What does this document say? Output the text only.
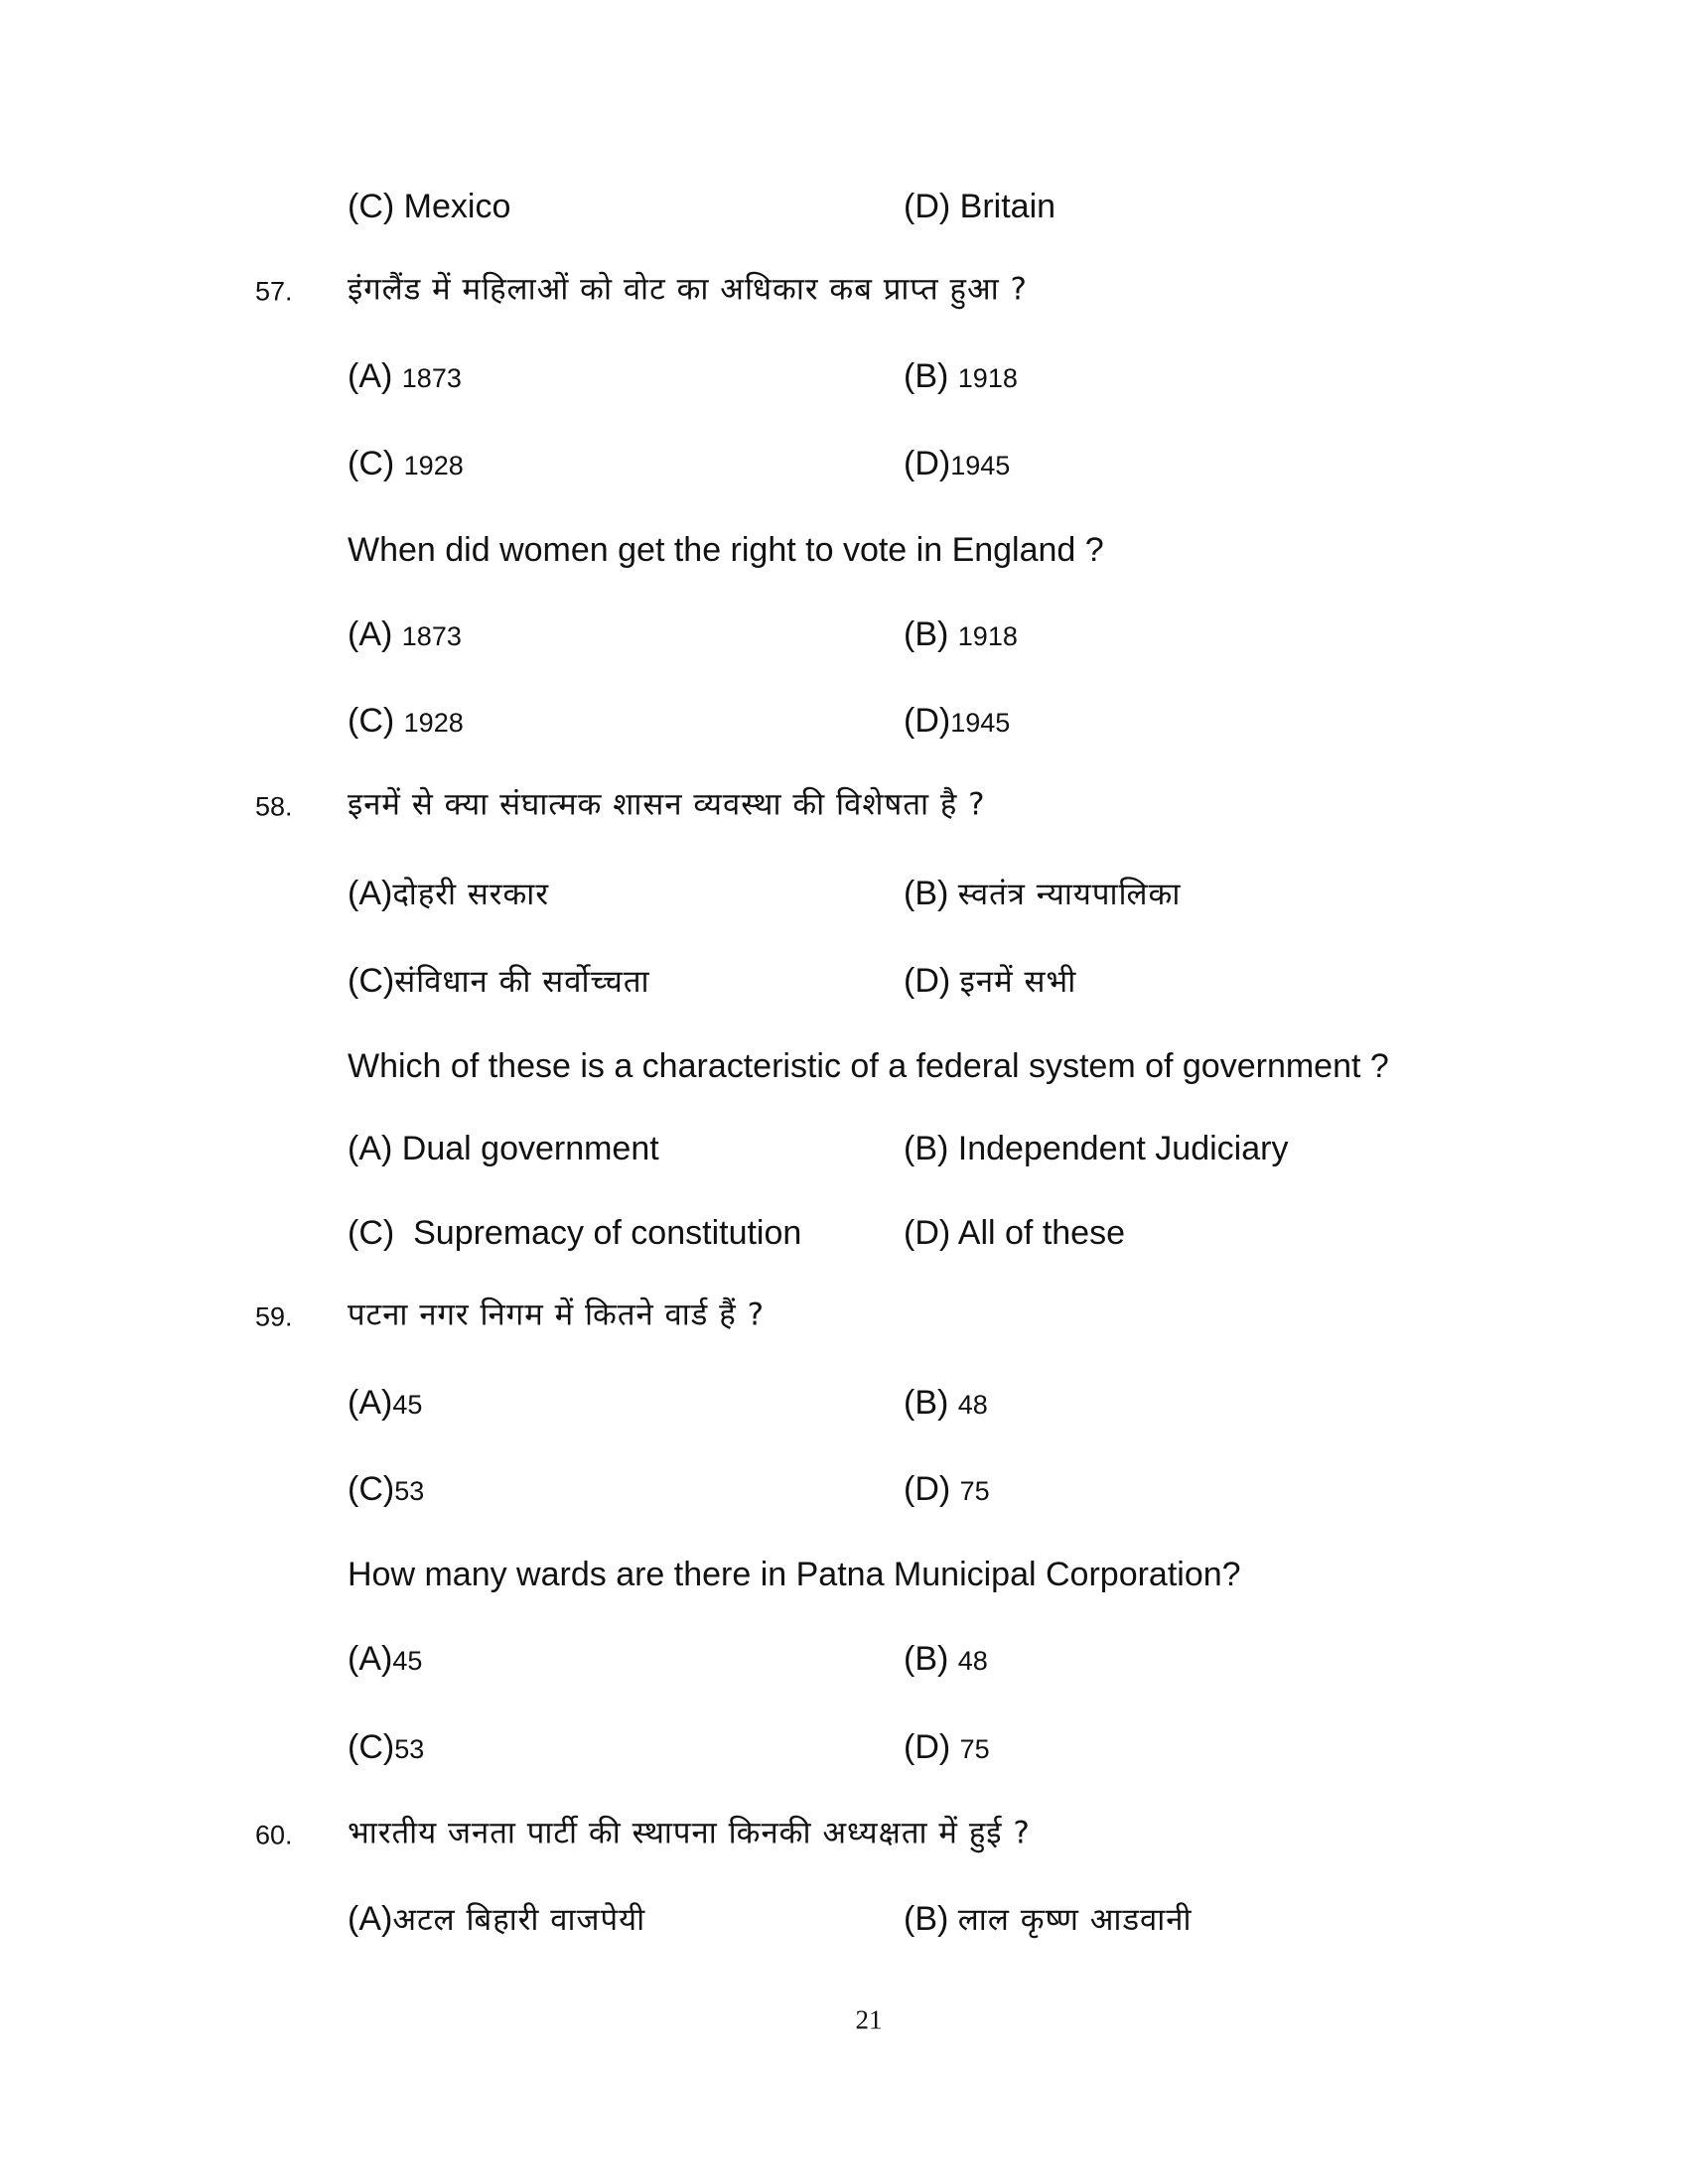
(C) Mexico	(D) Britain
57. इंगलैंड में महिलाओं को वोट का अधिकार कब प्राप्त हुआ ?
(A) 1873	(B) 1918
(C) 1928	(D)1945
When did women get the right to vote in England ?
(A) 1873	(B) 1918
(C) 1928	(D)1945
58. इनमें से क्या संघात्मक शासन व्यवस्था की विशेषता है ?
(A)दोहरी सरकार	(B) स्वतंत्र न्यायपालिका
(C)संविधान की सर्वोच्चता	(D) इनमें सभी
Which of these is a characteristic of a federal system of government ?
(A) Dual government	(B) Independent Judiciary
(C)  Supremacy of constitution	(D) All of these
59. पटना नगर निगम में कितने वार्ड हैं ?
(A)45	(B) 48
(C)53	(D) 75
How many wards are there in Patna Municipal Corporation?
(A)45	(B) 48
(C)53	(D) 75
60. भारतीय जनता पार्टी की स्थापना किनकी अध्यक्षता में हुई ?
(A)अटल बिहारी वाजपेयी	(B) लाल कृष्ण आडवानी
21
